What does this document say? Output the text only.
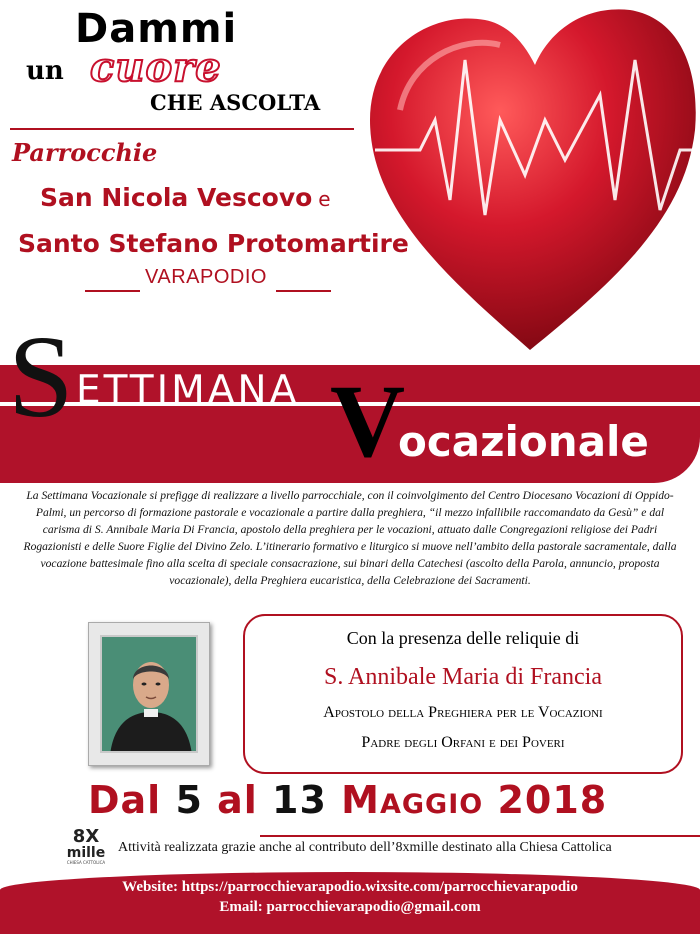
Dammi
un cuore
CHE ASCOLTA
Parrocchie
San Nicola Vescovo e
Santo Stefano Protomartire
VARAPODIO
S ETTIMANA V
ocazionale
La Settimana Vocazionale si prefigge di realizzare a livello parrocchiale, con il coinvolgimento del Centro Diocesano Vocazioni di Oppido-Palmi, un percorso di formazione pastorale e vocazionale a partire dalla preghiera, “il mezzo infallibile raccomandato da Gesù” e dal carisma di S. Annibale Maria Di Francia, apostolo della preghiera per le vocazioni, attuato dalle Congregazioni religiose dei Padri Rogazionisti e delle Suore Figlie del Divino Zelo. L’itinerario formativo e liturgico si muove nell’ambito della pastorale sacramentale, dalla vocazione battesimale fino alla scelta di speciale consacrazione, sui binari della Catechesi (ascolto della Parola, annuncio, proposta vocazionale), della Preghiera eucaristica, della Celebrazione dei Sacramenti.
Con la presenza delle reliquie di
S. Annibale Maria di Francia
Apostolo della Preghiera per le Vocazioni
Padre degli Orfani e dei Poveri
Dal 5 al 13 Maggio 2018
8X
mille
CHIESA CATTOLICA
Attività realizzata grazie anche al contributo dell’8xmille destinato alla Chiesa Cattolica
Website: https://parrocchievarapodio.wixsite.com/parrocchievarapodio
Email: parrocchievarapodio@gmail.com
